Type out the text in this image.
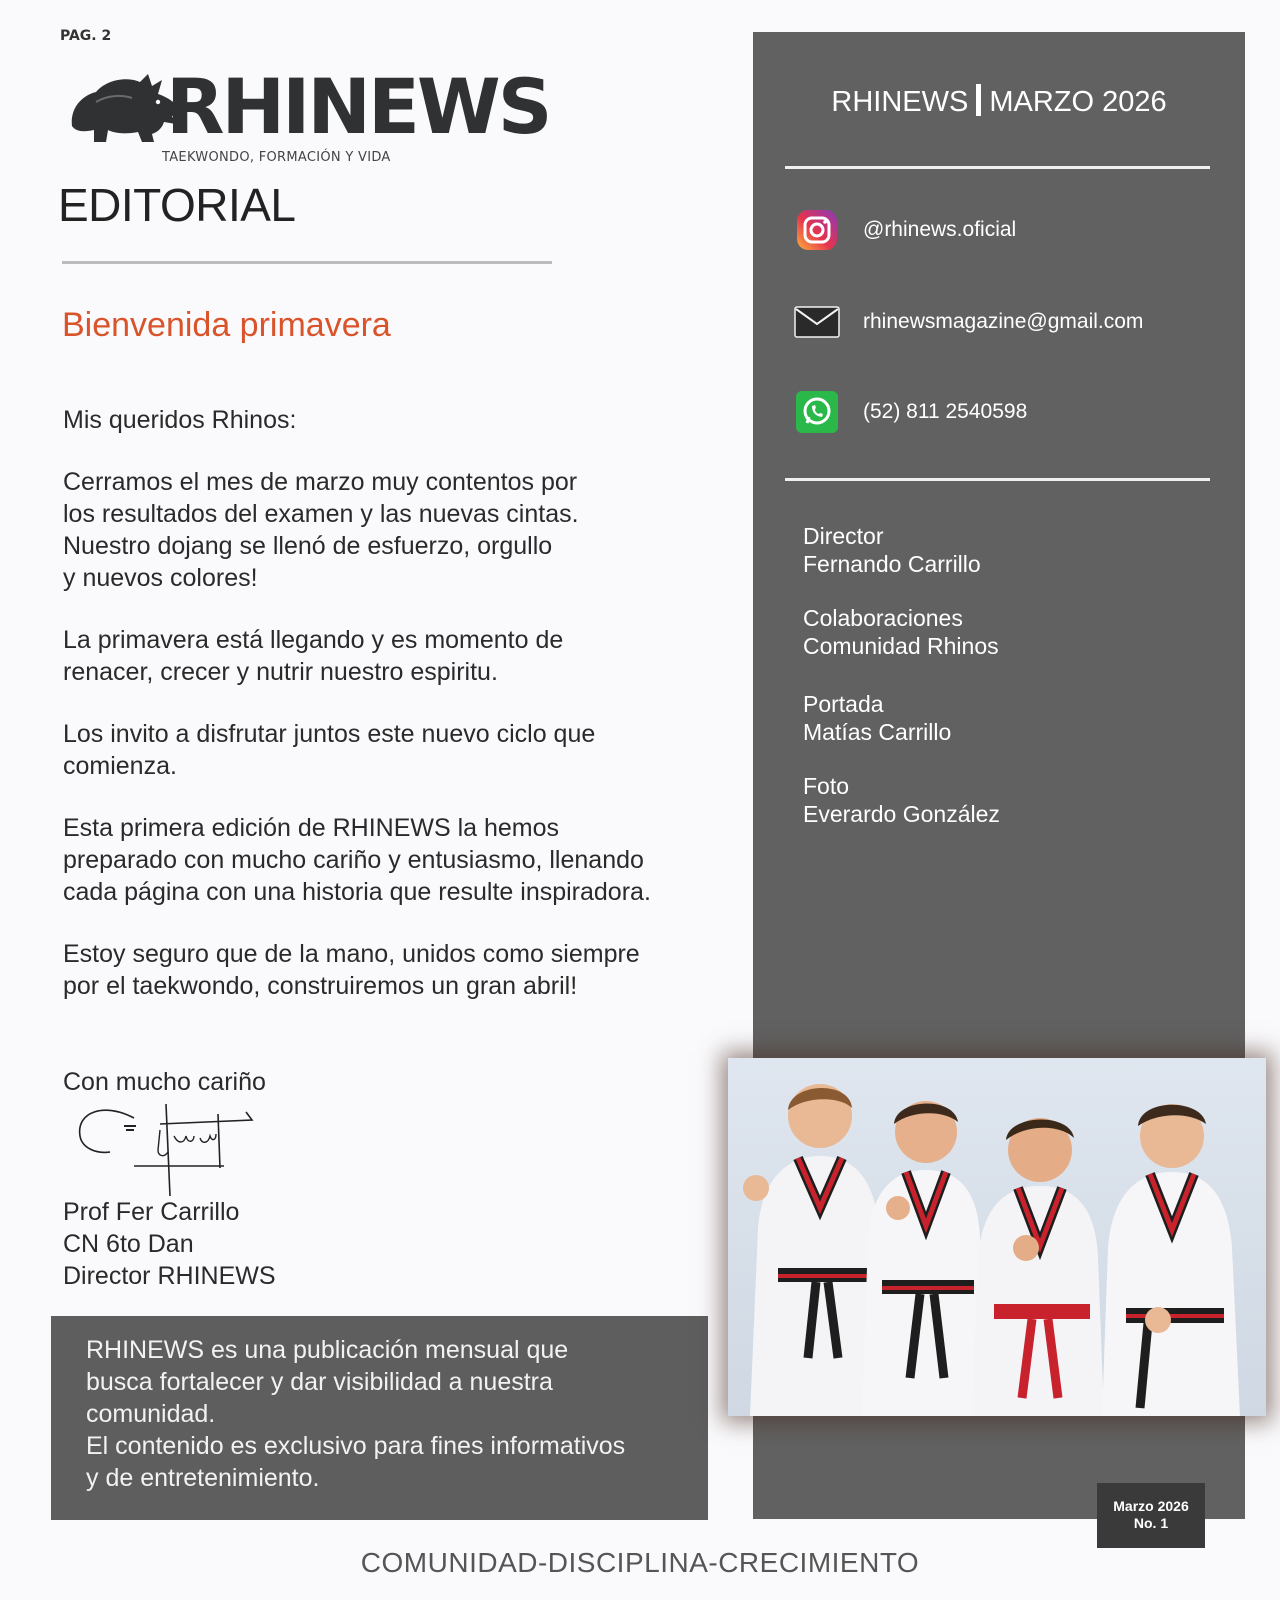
PAG. 2
RHINEWS
TAEKWONDO, FORMACIÓN Y VIDA
EDITORIAL
Bienvenida primavera

Mis queridos Rhinos:

Cerramos el mes de marzo muy contentos por
los resultados del examen y las nuevas cintas.
Nuestro dojang se llenó de esfuerzo, orgullo
y nuevos colores!

La primavera está llegando y es momento de
renacer, crecer y nutrir nuestro espiritu.

Los invito a disfrutar juntos este nuevo ciclo que
comienza.

Esta primera edición de RHINEWS la hemos
preparado con mucho cariño y entusiasmo, llenando
cada página con una historia que resulte inspiradora.

Estoy seguro que de la mano, unidos como siempre
por el taekwondo, construiremos un gran abril!

Con mucho cariño
Prof Fer Carrillo
CN 6to Dan
Director RHINEWS

RHINEWS es una publicación mensual que

busca fortalecer y dar visibilidad a nuestra

comunidad.

El contenido es exclusivo para fines informativos

y de entretenimiento.

RHINEWS MARZO 2026
@rhinews.oficial
rhinewsmagazine@gmail.com
(52) 811 2540598
Director
Fernando Carrillo
Colaboraciones
Comunidad Rhinos
Portada
Matías Carrillo
Foto
Everardo González
Marzo 2026
No. 1
COMUNIDAD-DISCIPLINA-CRECIMIENTO
